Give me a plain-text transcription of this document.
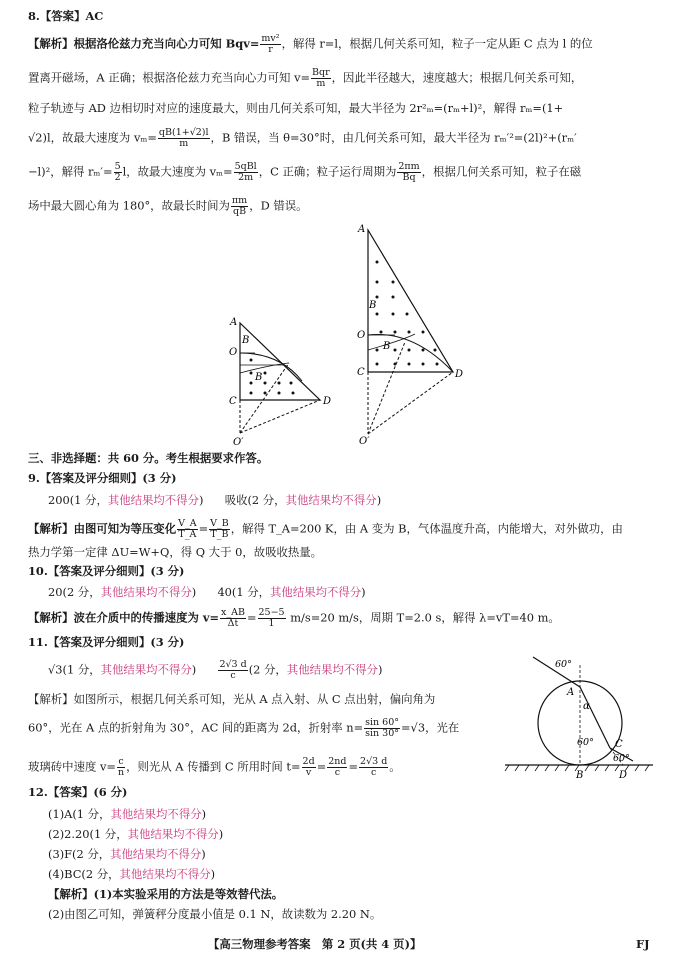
8.【答案】AC
【解析】根据洛伦兹力充当向心力可知 $Bqv= \frac{\text{mv²}}{r}$ ，解得 r=l，根据几何关系可知，粒子一定从距 C 点为 l 的位
置离开磁场，A 正确；根据洛伦兹力充当向心力可知 $v= \frac{\text{Bqr}}{m}$ ，因此半径越大，速度越大；根据几何关系可知，
粒子轨迹与 AD 边相切时对应的速度最大，则由几何关系可知，最大半径为 2r²ₘ=(rₘ+l)²，解得 rₘ=(1+
√2)l，故最大速度为 $v_m= \frac{qB(1+√2)l}{m}$ ，B 错误，当 θ=30°时，由几何关系可知，最大半径为 rₘ′²=(2l)²+(rₘ′
−l)²，解得 $r_m'= \frac{5}{2}$ l，故最大速度为 $v_m= \frac{\text{5qBl}}{2m}$ ，C 正确；粒子运行周期为 $\frac{2\pi m}{Bq}$ ，根据几何关系可知，粒子在磁
场中最大圆心角为 180°，故最长时间为 $\frac{\pi m}{qB}$ ，D 错误。
A
B
O
B
C	D
O′
A
B
O
B
C	D
O′
三、非选择题：共 60 分。考生根据要求作答。
9.【答案及评分细则】(3 分)
200(1 分，其他结果均不得分) 吸收(2 分，其他结果均不得分)
【解析】由图可知为等压变化 $\frac{V\_A}{T\_A} = \frac{V\_B}{T\_B}$ ，解得 T_A=200 K，由 A 变为 B，气体温度升高，内能增大，对外做功，由
热力学第一定律 ΔU=W+Q，得 Q 大于 0，故吸收热量。
10.【答案及评分细则】(3 分)
20(2 分，其他结果均不得分) 40(1 分，其他结果均不得分)
【解析】波在介质中的传播速度为 $v= \frac{x\_AB}{\Delta t} = \frac{25-5}{1} m/s=20$ m/s，周期 T=2.0 s，解得 λ=vT=40 m。
11.【答案及评分细则】(3 分)
√3(1 分，其他结果均不得分) $\frac{2√3 d}{c} (2$ 分，其他结果均不得分)
【解析】如图所示，根据几何关系可知，光从 A 点入射、从 C 点出射，偏向角为
60°，光在 A 点的折射角为 30°，AC 间的距离为 2d，折射率 $n= \frac{\sin 60^\circ}{\sin 30^\circ} =√3$，光在
玻璃砖中速度 $v= \frac{c}{n}$ ，则光从 A 传播到 C 所用时间 $t= \frac{2d}{v} = \frac{2nd}{c} = \frac{2√3 d}{c}$ 。
60°
A
α
60° C
60°
B	D
12.【答案】(6 分)
(1)A(1 分，其他结果均不得分)
(2)2.20(1 分，其他结果均不得分)
(3)F(2 分，其他结果均不得分)
(4)BC(2 分，其他结果均不得分)
【解析】(1)本实验采用的方法是等效替代法。
(2)由图乙可知，弹簧秤分度最小值是 0.1 N，故读数为 2.20 N。
【高三物理参考答案　第 2 页(共 4 页)】	FJ
